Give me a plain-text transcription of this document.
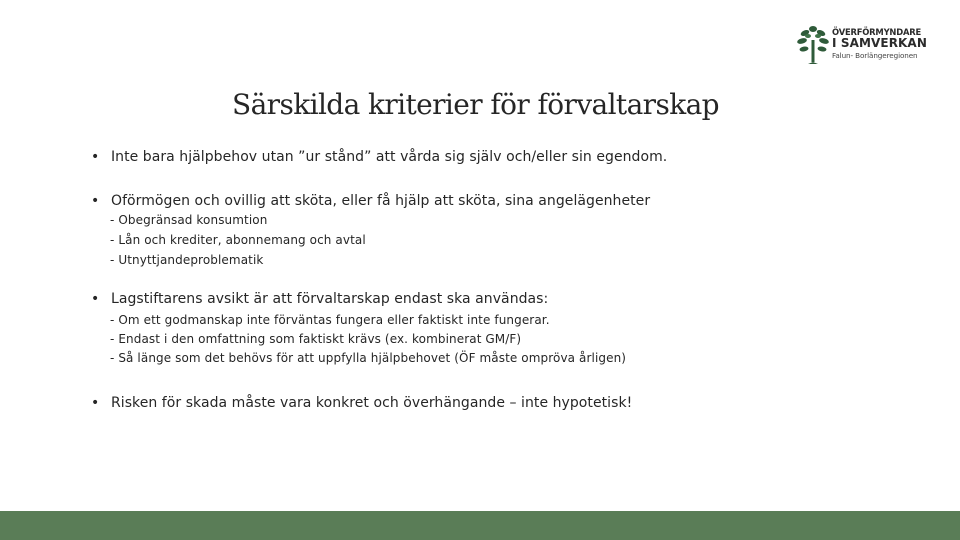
ÖVERFÖRMYNDARE
I SAMVERKAN
Falun- Borlängeregionen
Särskilda kriterier för förvaltarskap
• Inte bara hjälpbehov utan ”ur stånd” att vårda sig själv och/eller sin egendom.
• Oförmögen och ovillig att sköta, eller få hjälp att sköta, sina angelägenheter
- Obegränsad konsumtion
- Lån och krediter, abonnemang och avtal
- Utnyttjandeproblematik
• Lagstiftarens avsikt är att förvaltarskap endast ska användas:
- Om ett godmanskap inte förväntas fungera eller faktiskt inte fungerar.
- Endast i den omfattning som faktiskt krävs (ex. kombinerat GM/F)
- Så länge som det behövs för att uppfylla hjälpbehovet (ÖF måste ompröva årligen)
• Risken för skada måste vara konkret och överhängande – inte hypotetisk!
